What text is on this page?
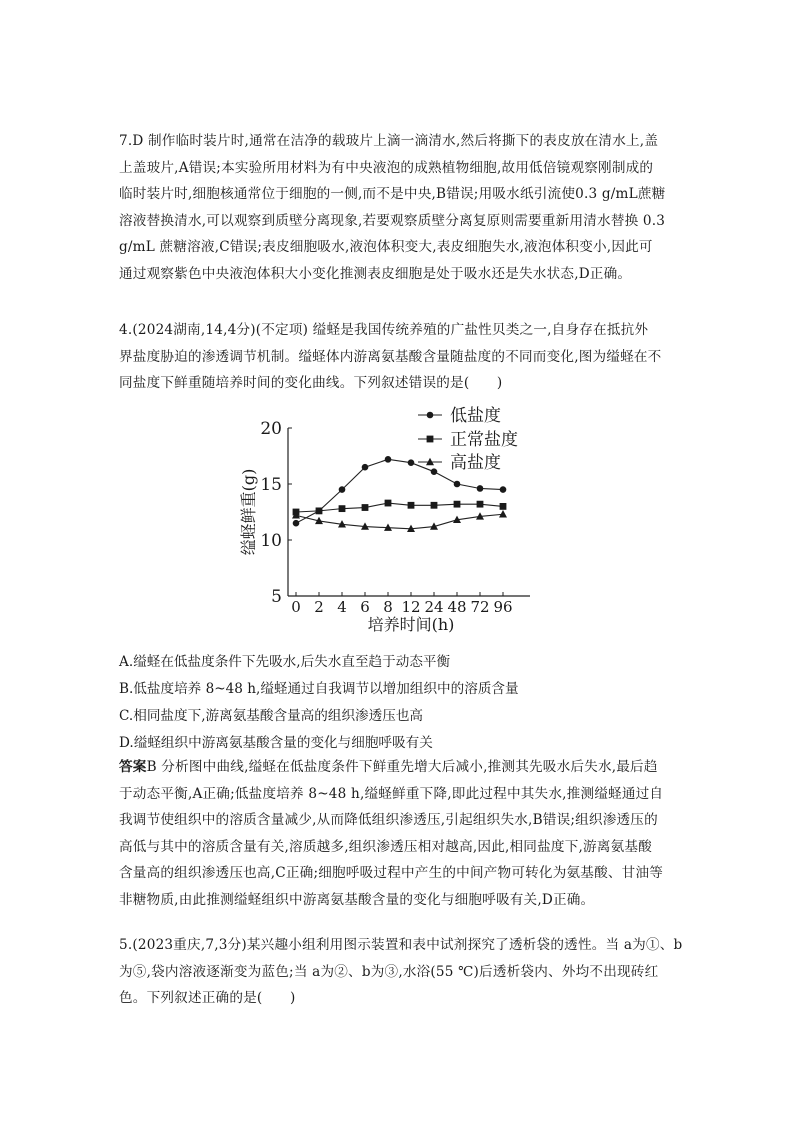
7.D 制作临时装片时,通常在洁净的载玻片上滴一滴清水,然后将撕下的表皮放在清水上,盖
上盖玻片,A错误;本实验所用材料为有中央液泡的成熟植物细胞,故用低倍镜观察刚制成的
临时装片时,细胞核通常位于细胞的一侧,而不是中央,B错误;用吸水纸引流使0.3 g/mL蔗糖
溶液替换清水,可以观察到质壁分离现象,若要观察质壁分离复原则需要重新用清水替换 0.3
g/mL 蔗糖溶液,C错误;表皮细胞吸水,液泡体积变大,表皮细胞失水,液泡体积变小,因此可
通过观察紫色中央液泡体积大小变化推测表皮细胞是处于吸水还是失水状态,D正确。
4.(2024湖南,14,4分)(不定项) 缢蛏是我国传统养殖的广盐性贝类之一,自身存在抵抗外
界盐度胁迫的渗透调节机制。缢蛏体内游离氨基酸含量随盐度的不同而变化,图为缢蛏在不
同盐度下鲜重随培养时间的变化曲线。下列叙述错误的是(　　)
5
10
15
20
0 2 4 6 8 12 24 48 72 96
培养时间(h)
缢蛏鲜重(g)
低盐度
正常盐度
高盐度
A.缢蛏在低盐度条件下先吸水,后失水直至趋于动态平衡
B.低盐度培养 8~48 h,缢蛏通过自我调节以增加组织中的溶质含量
C.相同盐度下,游离氨基酸含量高的组织渗透压也高
D.缢蛏组织中游离氨基酸含量的变化与细胞呼吸有关
答案B 分析图中曲线,缢蛏在低盐度条件下鲜重先增大后减小,推测其先吸水后失水,最后趋
于动态平衡,A正确;低盐度培养 8~48 h,缢蛏鲜重下降,即此过程中其失水,推测缢蛏通过自
我调节使组织中的溶质含量减少,从而降低组织渗透压,引起组织失水,B错误;组织渗透压的
高低与其中的溶质含量有关,溶质越多,组织渗透压相对越高,因此,相同盐度下,游离氨基酸
含量高的组织渗透压也高,C正确;细胞呼吸过程中产生的中间产物可转化为氨基酸、甘油等
非糖物质,由此推测缢蛏组织中游离氨基酸含量的变化与细胞呼吸有关,D正确。
5.(2023重庆,7,3分)某兴趣小组利用图示装置和表中试剂探究了透析袋的透性。当 a为①、b
为⑤,袋内溶液逐渐变为蓝色;当 a为②、b为③,水浴(55 ℃)后透析袋内、外均不出现砖红
色。下列叙述正确的是(　　)
